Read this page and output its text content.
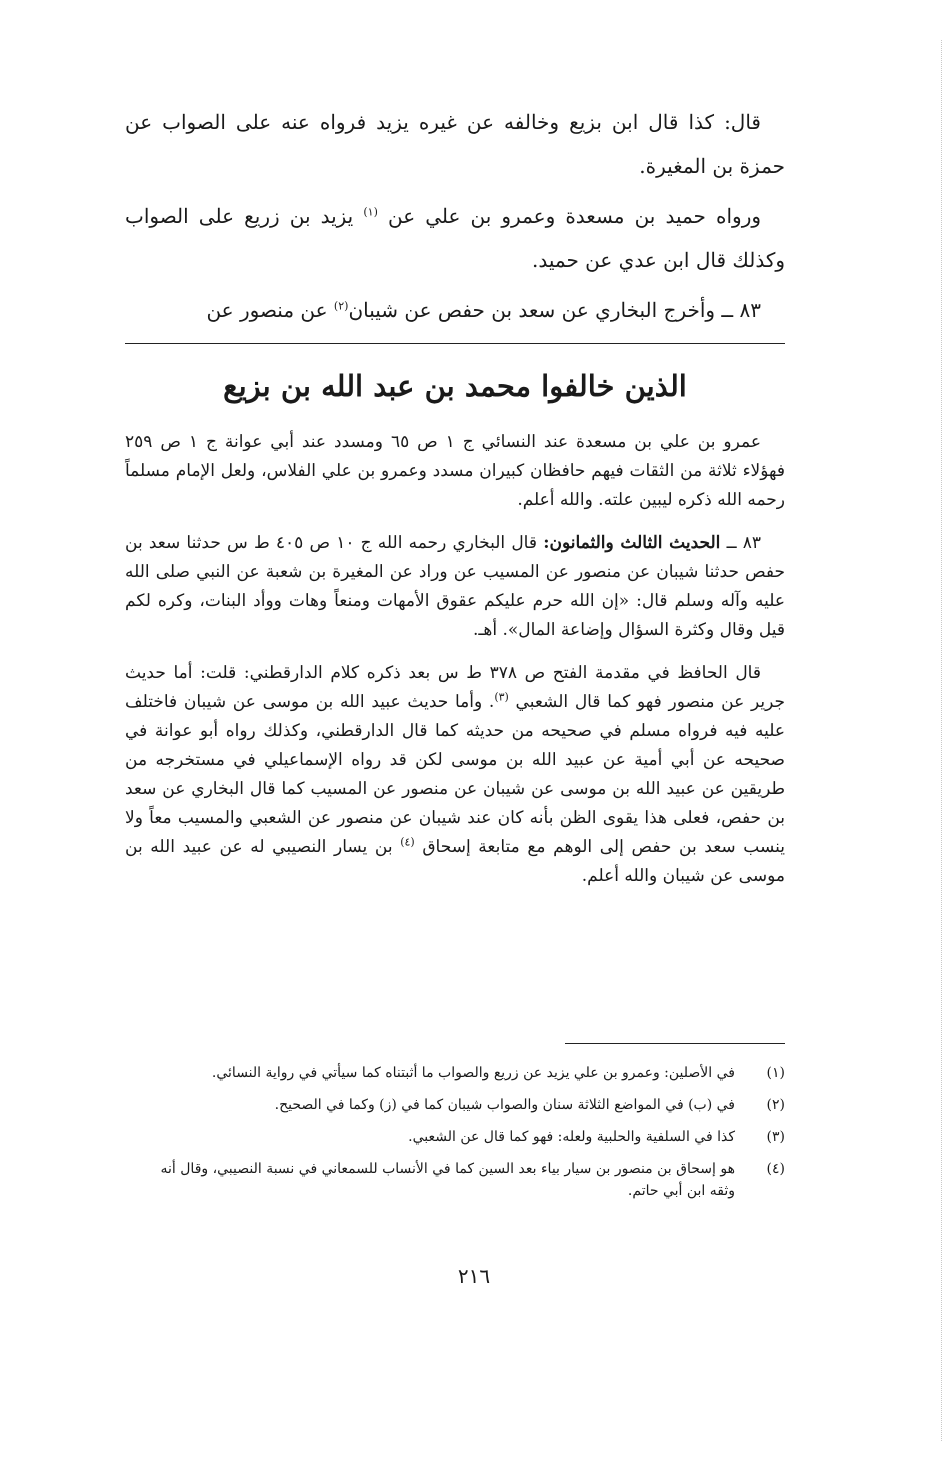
قال: كذا قال ابن بزيع وخالفه عن غيره يزيد فرواه عنه على الصواب عن حمزة بن المغيرة.

ورواه حميد بن مسعدة وعمرو بن علي عن $^{(١)}$ يزيد بن زريع على الصواب وكذلك قال ابن عدي عن حميد.

٨٣ ــ وأخرج البخاري عن سعد بن حفص عن شيبان$^{(٢)}$ عن منصور عن

الذين خالفوا محمد بن عبد الله بن بزيع

عمرو بن علي بن مسعدة عند النسائي ج ١ ص ٦٥ ومسدد عند أبي عوانة ج ١ ص ٢٥٩ فهؤلاء ثلاثة من الثقات فيهم حافظان كبيران مسدد وعمرو بن علي الفلاس، ولعل الإمام مسلماً رحمه الله ذكره ليبين علته. والله أعلم.

٨٣ ــ الحديث الثالث والثمانون: قال البخاري رحمه الله ج ١٠ ص ٤٠٥ ط س حدثنا سعد بن حفص حدثنا شيبان عن منصور عن المسيب عن وراد عن المغيرة بن شعبة عن النبي صلى الله عليه وآله وسلم قال: «إن الله حرم عليكم عقوق الأمهات ومنعاً وهات ووأد البنات، وكره لكم قيل وقال وكثرة السؤال وإضاعة المال». أهـ.

قال الحافظ في مقدمة الفتح ص ٣٧٨ ط س بعد ذكره كلام الدارقطني: قلت: أما حديث جرير عن منصور فهو كما قال الشعبي $^{(٣)}$. وأما حديث عبيد الله بن موسى عن شيبان فاختلف عليه فيه فرواه مسلم في صحيحه من حديثه كما قال الدارقطني، وكذلك رواه أبو عوانة في صحيحه عن أبي أمية عن عبيد الله بن موسى لكن قد رواه الإسماعيلي في مستخرجه من طريقين عن عبيد الله بن موسى عن شيبان عن منصور عن المسيب كما قال البخاري عن سعد بن حفص، فعلى هذا يقوى الظن بأنه كان عند شيبان عن منصور عن الشعبي والمسيب معاً ولا ينسب سعد بن حفص إلى الوهم مع متابعة إسحاق $^{(٤)}$ بن يسار النصيبي له عن عبيد الله بن موسى عن شيبان والله أعلم.

(١)
في الأصلين: وعمرو بن علي يزيد عن زريع والصواب ما أثبتناه كما سيأتي في رواية النسائي.
(٢)
في (ب) في المواضع الثلاثة سنان والصواب شيبان كما في (ز) وكما في الصحيح.
(٣)
كذا في السلفية والحلبية ولعله: فهو كما قال عن الشعبي.
(٤)
هو إسحاق بن منصور بن سيار بياء بعد السين كما في الأنساب للسمعاني في نسبة النصيبي، وقال أنه وثقه ابن أبي حاتم.
٢١٦
